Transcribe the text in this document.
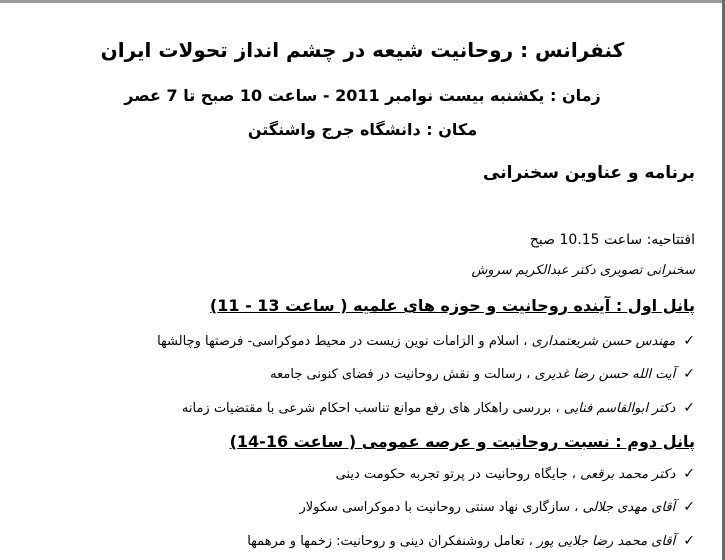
کنفرانس : روحانیت شیعه در چشم انداز تحولات ایران
زمان : یکشنبه بیست نوامبر 2011 - ساعت 10 صبح تا 7 عصر
مکان : دانشگاه جرج واشنگتن
برنامه و عناوین سخنرانی
افتتاحیه: ساعت 10.15 صبح
سخنرانی تصویری دکتر عبدالکریم سروش
پانل اول : آینده روحانیت و حوزه های علمیه ( ساعت 13 - 11)
✓مهندس حسن شریعتمداری ، اسلام و الزامات نوین زیست در محیط دموکراسی- فرصتها وچالشها
✓آیت الله حسن رضا غدیری ، رسالت و نقش روحانیت در فضای کنونی جامعه
✓دکتر ابوالقاسم فنایی ، بررسی راهکار های رفع موانع تناسب احکام شرعی با مقتضیات زمانه
پانل دوم : نسبت روحانیت و عرصه عمومی ( ساعت 16-14)
✓دکتر محمد برقعی ، جایگاه روحانیت در پرتو تجربه حکومت دینی
✓آقای مهدی جلالی ، سازگاری نهاد سنتی روحانیت با دموکراسی سکولار
✓آقای محمد رضا جلایی پور ، تعامل روشنفکران دینی و روحانیت: زخمها و مرهمها
